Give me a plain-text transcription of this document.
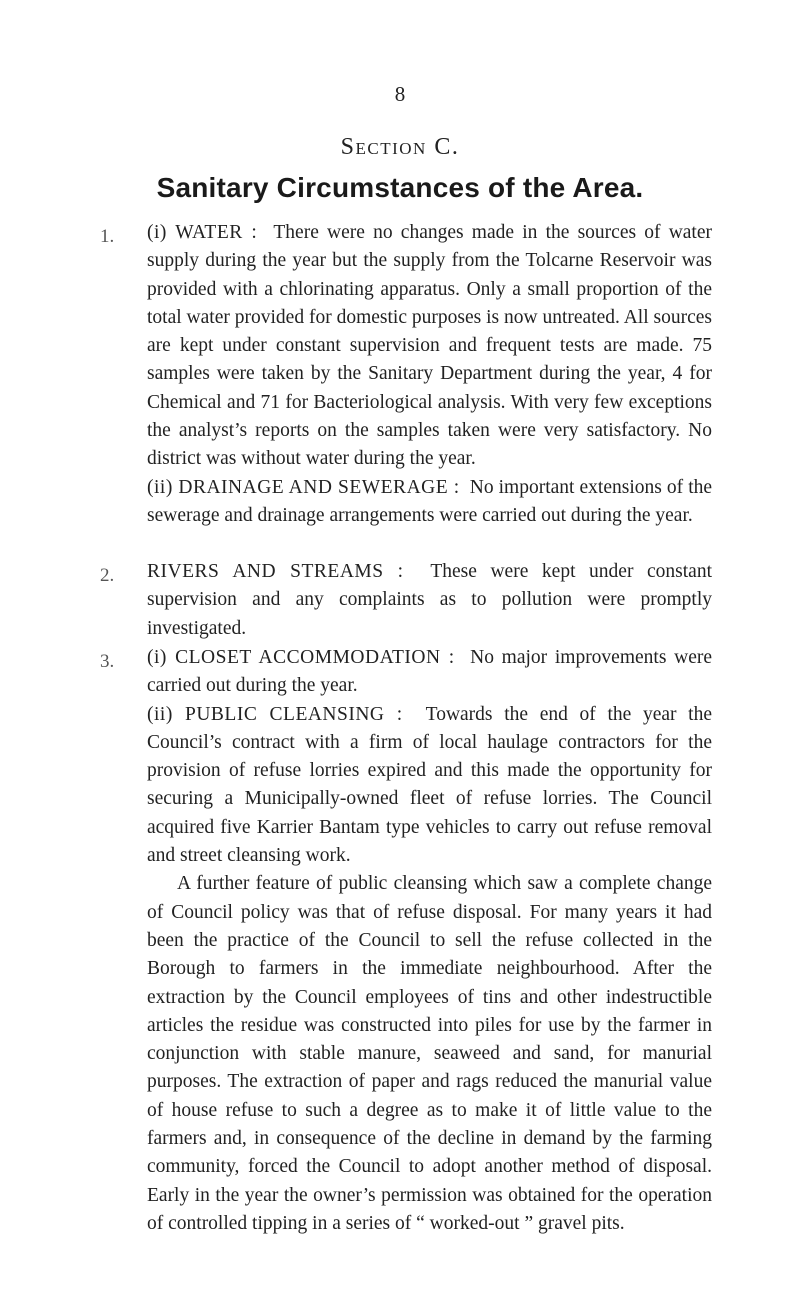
8
Section C.
Sanitary Circumstances of the Area.
1. (i) WATER : There were no changes made in the sources of water supply during the year but the supply from the Tolcarne Reservoir was provided with a chlorinating apparatus. Only a small proportion of the total water provided for domestic purposes is now untreated. All sources are kept under constant supervision and frequent tests are made. 75 samples were taken by the Sanitary Department during the year, 4 for Chemical and 71 for Bacteriological analysis. With very few exceptions the analyst’s reports on the samples taken were very satisfactory. No district was without water during the year.

(ii) DRAINAGE AND SEWERAGE : No important extensions of the sewerage and drainage arrangements were carried out during the year.

2. RIVERS AND STREAMS : These were kept under constant supervision and any complaints as to pollution were promptly investigated.

3. (i) CLOSET ACCOMMODATION : No major improvements were carried out during the year.

(ii) PUBLIC CLEANSING : Towards the end of the year the Council’s contract with a firm of local haulage contractors for the provision of refuse lorries expired and this made the opportunity for securing a Municipally-owned fleet of refuse lorries. The Council acquired five Karrier Bantam type vehicles to carry out refuse removal and street cleansing work.

A further feature of public cleansing which saw a complete change of Council policy was that of refuse disposal. For many years it had been the practice of the Council to sell the refuse collected in the Borough to farmers in the immediate neighbourhood. After the extraction by the Council employees of tins and other indestructible articles the residue was constructed into piles for use by the farmer in conjunction with stable manure, seaweed and sand, for manurial purposes. The extraction of paper and rags reduced the manurial value of house refuse to such a degree as to make it of little value to the farmers and, in consequence of the decline in demand by the farming community, forced the Council to adopt another method of disposal. Early in the year the owner’s permission was obtained for the operation of controlled tipping in a series of “ worked-out ” gravel pits.
